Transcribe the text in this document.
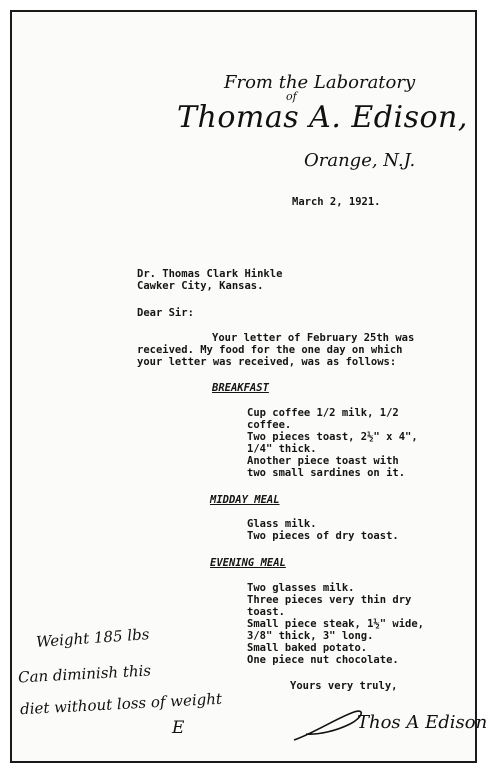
From the Laboratory
of
Thomas A. Edison,
Orange, N.J.
March 2, 1921.
Dr. Thomas Clark Hinkle
Cawker City, Kansas.
Dear Sir:
Your letter of February 25th was
received. My food for the one day on which
your letter was received, was as follows:
BREAKFAST
Cup coffee 1/2 milk, 1/2
coffee.
Two pieces toast, 2½" x 4",
1/4" thick.
Another piece toast with
two small sardines on it.
MIDDAY MEAL
Glass milk.
Two pieces of dry toast.
EVENING MEAL
Two glasses milk.
Three pieces very thin dry
toast.
Small piece steak, 1½" wide,
3/8" thick, 3" long.
Small baked potato.
One piece nut chocolate.
Yours very truly,
Thos A Edison
Weight 185 lbs
Can diminish this
diet without loss of weight
E
